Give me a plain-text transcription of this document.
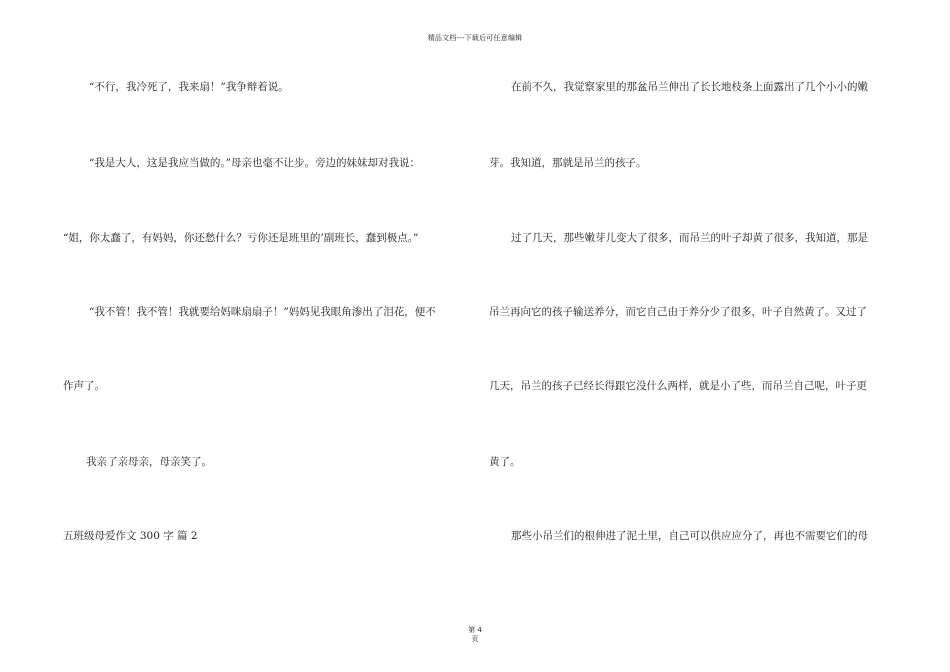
精品文档---下载后可任意编辑
“不行，我冷死了，我来扇！”我争辩着说。
“我是大人，这是我应当做的。”母亲也毫不让步。旁边的妹妹却对我说：
“姐，你太蠢了，有妈妈，你还愁什么？亏你还是班里的’副班长，蠢到极点。”
“我不管！我不管！我就要给妈咪扇扇子！”妈妈见我眼角渗出了泪花，便不
作声了。
我亲了亲母亲，母亲笑了。
五班级母爱作文 300 字 篇 2
在前不久，我觉察家里的那盆吊兰伸出了长长地枝条上面露出了几个小小的嫩
芽。我知道，那就是吊兰的孩子。
过了几天，那些嫩芽儿变大了很多，而吊兰的叶子却黄了很多，我知道，那是
吊兰再向它的孩子输送养分，而它自己由于养分少了很多，叶子自然黄了。又过了
几天，吊兰的孩子已经长得跟它没什么两样，就是小了些，而吊兰自己呢，叶子更
黄了。
那些小吊兰们的根伸进了泥土里，自己可以供应应分了，再也不需要它们的母
第 4
页
